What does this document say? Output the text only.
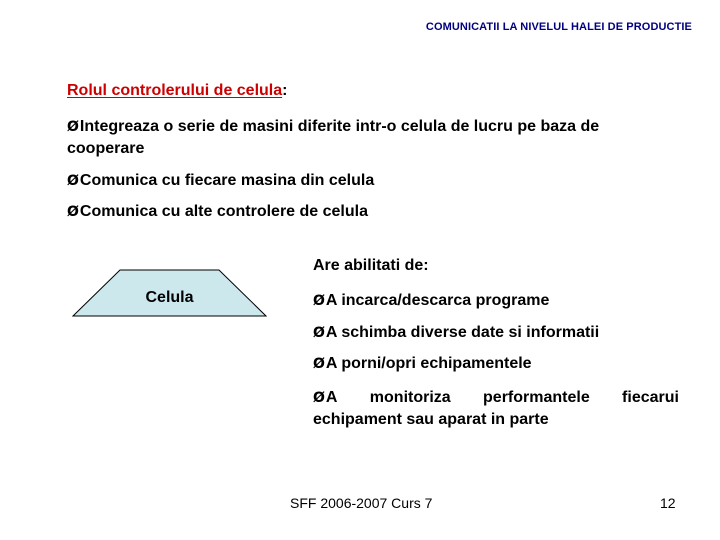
COMUNICATII LA NIVELUL HALEI DE PRODUCTIE
Rolul controlerului de celula:
ØIntegreaza o serie de masini diferite intr-o celula de lucru pe baza de
cooperare
ØComunica cu fiecare masina din celula
ØComunica cu alte controlere de celula
Celula
Are abilitati de:
ØA incarca/descarca programe
ØA schimba diverse date si informatii
ØA porni/opri echipamentele
ØA monitoriza performantele fiecarui
echipament sau aparat in parte
SFF 2006-2007 Curs 7	12
